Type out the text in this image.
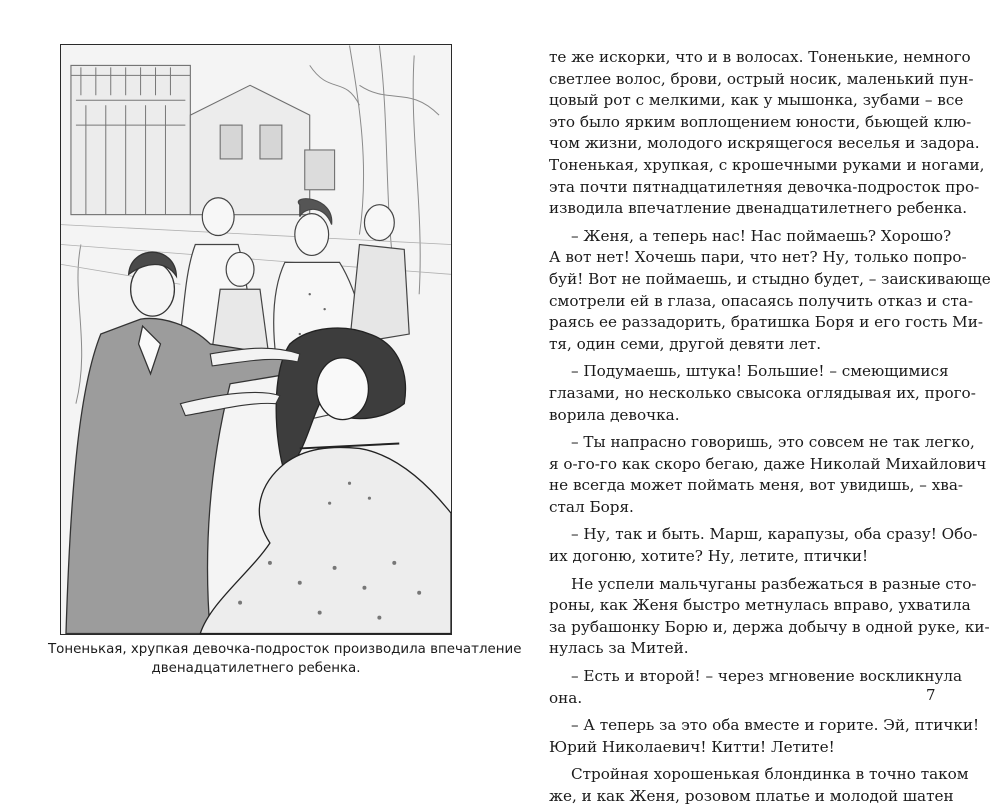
Тоненькая, хрупкая девочка-подросток производила впечатление
двенадцатилетнего ребенка.
те же искорки, что и в волосах. Тоненькие, немного
светлее волос, брови, острый носик, маленький пун-
цовый рот с мелкими, как у мышонка, зубами – все
это было ярким воплощением юности, бьющей клю-
чом жизни, молодого искрящегося веселья и задора.
Тоненькая, хрупкая, с крошечными руками и ногами,
эта почти пятнадцатилетняя девочка-подросток про-
изводила впечатление двенадцатилетнего ребенка.
– Женя, а теперь нас! Нас поймаешь? Хорошо?
А вот нет! Хочешь пари, что нет? Ну, только попро-
буй! Вот не поймаешь, и стыдно будет, – заискивающе
смотрели ей в глаза, опасаясь получить отказ и ста-
раясь ее раззадорить, братишка Боря и его гость Ми-
тя, один семи, другой девяти лет.
– Подумаешь, штука! Большие! – смеющимися
глазами, но несколько свысока оглядывая их, прого-
ворила девочка.
– Ты напрасно говоришь, это совсем не так легко,
я о-го-го как скоро бегаю, даже Николай Михайлович
не всегда может поймать меня, вот увидишь, – хва-
стал Боря.
– Ну, так и быть. Марш, карапузы, оба сразу! Обо-
их догоню, хотите? Ну, летите, птички!
Не успели мальчуганы разбежаться в разные сто-
роны, как Женя быстро метнулась вправо, ухватила
за рубашонку Борю и, держа добычу в одной руке, ки-
нулась за Митей.
– Есть и второй! – через мгновение воскликнула
она.
– А теперь за это оба вместе и горите. Эй, птички!
Юрий Николаевич! Китти! Летите!
Стройная хорошенькая блондинка в точно таком
же, и как Женя, розовом платье и молодой шатен
7
